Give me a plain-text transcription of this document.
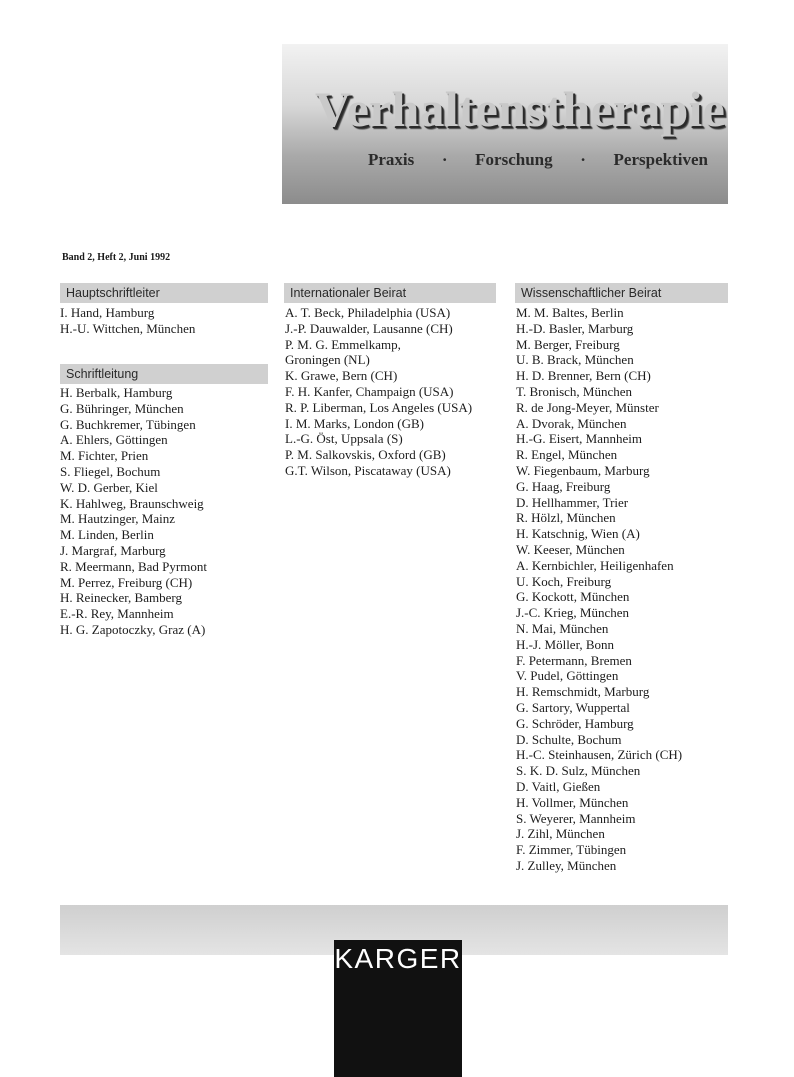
Verhaltenstherapie
Praxis · Forschung · Perspektiven
Band 2, Heft 2, Juni 1992
Hauptschriftleiter
I. Hand, Hamburg
H.-U. Wittchen, München
Schriftleitung
H. Berbalk, Hamburg
G. Bühringer, München
G. Buchkremer, Tübingen
A. Ehlers, Göttingen
M. Fichter, Prien
S. Fliegel, Bochum
W. D. Gerber, Kiel
K. Hahlweg, Braunschweig
M. Hautzinger, Mainz
M. Linden, Berlin
J. Margraf, Marburg
R. Meermann, Bad Pyrmont
M. Perrez, Freiburg (CH)
H. Reinecker, Bamberg
E.-R. Rey, Mannheim
H. G. Zapotoczky, Graz (A)
Internationaler Beirat
A. T. Beck, Philadelphia (USA)
J.-P. Dauwalder, Lausanne (CH)
P. M. G. Emmelkamp,
Groningen (NL)
K. Grawe, Bern (CH)
F. H. Kanfer, Champaign (USA)
R. P. Liberman, Los Angeles (USA)
I. M. Marks, London (GB)
L.-G. Öst, Uppsala (S)
P. M. Salkovskis, Oxford (GB)
G.T. Wilson, Piscataway (USA)
Wissenschaftlicher Beirat
M. M. Baltes, Berlin
H.-D. Basler, Marburg
M. Berger, Freiburg
U. B. Brack, München
H. D. Brenner, Bern (CH)
T. Bronisch, München
R. de Jong-Meyer, Münster
A. Dvorak, München
H.-G. Eisert, Mannheim
R. Engel, München
W. Fiegenbaum, Marburg
G. Haag, Freiburg
D. Hellhammer, Trier
R. Hölzl, München
H. Katschnig, Wien (A)
W. Keeser, München
A. Kernbichler, Heiligenhafen
U. Koch, Freiburg
G. Kockott, München
J.-C. Krieg, München
N. Mai, München
H.-J. Möller, Bonn
F. Petermann, Bremen
V. Pudel, Göttingen
H. Remschmidt, Marburg
G. Sartory, Wuppertal
G. Schröder, Hamburg
D. Schulte, Bochum
H.-C. Steinhausen, Zürich (CH)
S. K. D. Sulz, München
D. Vaitl, Gießen
H. Vollmer, München
S. Weyerer, Mannheim
J. Zihl, München
F. Zimmer, Tübingen
J. Zulley, München
KARGER
